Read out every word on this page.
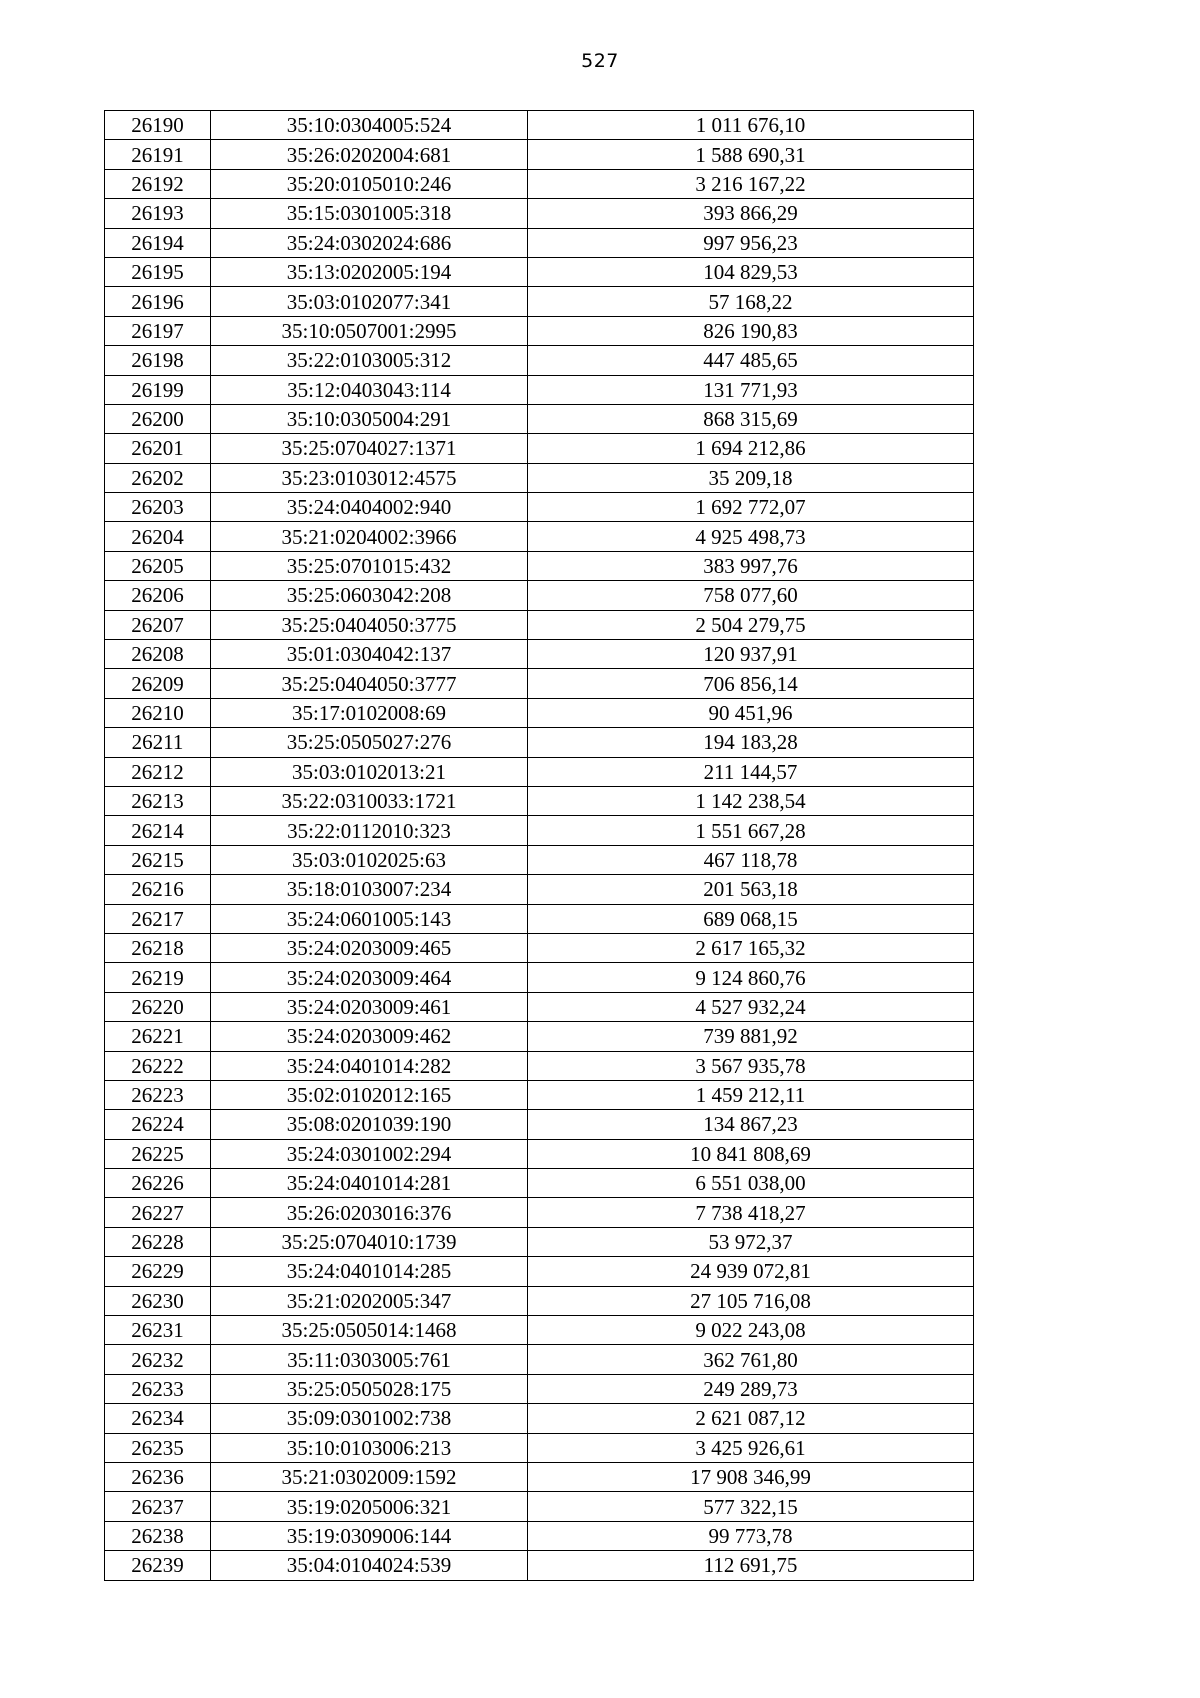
527
26190	35:10:0304005:524	1 011 676,10
26191	35:26:0202004:681	1 588 690,31
26192	35:20:0105010:246	3 216 167,22
26193	35:15:0301005:318	393 866,29
26194	35:24:0302024:686	997 956,23
26195	35:13:0202005:194	104 829,53
26196	35:03:0102077:341	57 168,22
26197	35:10:0507001:2995	826 190,83
26198	35:22:0103005:312	447 485,65
26199	35:12:0403043:114	131 771,93
26200	35:10:0305004:291	868 315,69
26201	35:25:0704027:1371	1 694 212,86
26202	35:23:0103012:4575	35 209,18
26203	35:24:0404002:940	1 692 772,07
26204	35:21:0204002:3966	4 925 498,73
26205	35:25:0701015:432	383 997,76
26206	35:25:0603042:208	758 077,60
26207	35:25:0404050:3775	2 504 279,75
26208	35:01:0304042:137	120 937,91
26209	35:25:0404050:3777	706 856,14
26210	35:17:0102008:69	90 451,96
26211	35:25:0505027:276	194 183,28
26212	35:03:0102013:21	211 144,57
26213	35:22:0310033:1721	1 142 238,54
26214	35:22:0112010:323	1 551 667,28
26215	35:03:0102025:63	467 118,78
26216	35:18:0103007:234	201 563,18
26217	35:24:0601005:143	689 068,15
26218	35:24:0203009:465	2 617 165,32
26219	35:24:0203009:464	9 124 860,76
26220	35:24:0203009:461	4 527 932,24
26221	35:24:0203009:462	739 881,92
26222	35:24:0401014:282	3 567 935,78
26223	35:02:0102012:165	1 459 212,11
26224	35:08:0201039:190	134 867,23
26225	35:24:0301002:294	10 841 808,69
26226	35:24:0401014:281	6 551 038,00
26227	35:26:0203016:376	7 738 418,27
26228	35:25:0704010:1739	53 972,37
26229	35:24:0401014:285	24 939 072,81
26230	35:21:0202005:347	27 105 716,08
26231	35:25:0505014:1468	9 022 243,08
26232	35:11:0303005:761	362 761,80
26233	35:25:0505028:175	249 289,73
26234	35:09:0301002:738	2 621 087,12
26235	35:10:0103006:213	3 425 926,61
26236	35:21:0302009:1592	17 908 346,99
26237	35:19:0205006:321	577 322,15
26238	35:19:0309006:144	99 773,78
26239	35:04:0104024:539	112 691,75
